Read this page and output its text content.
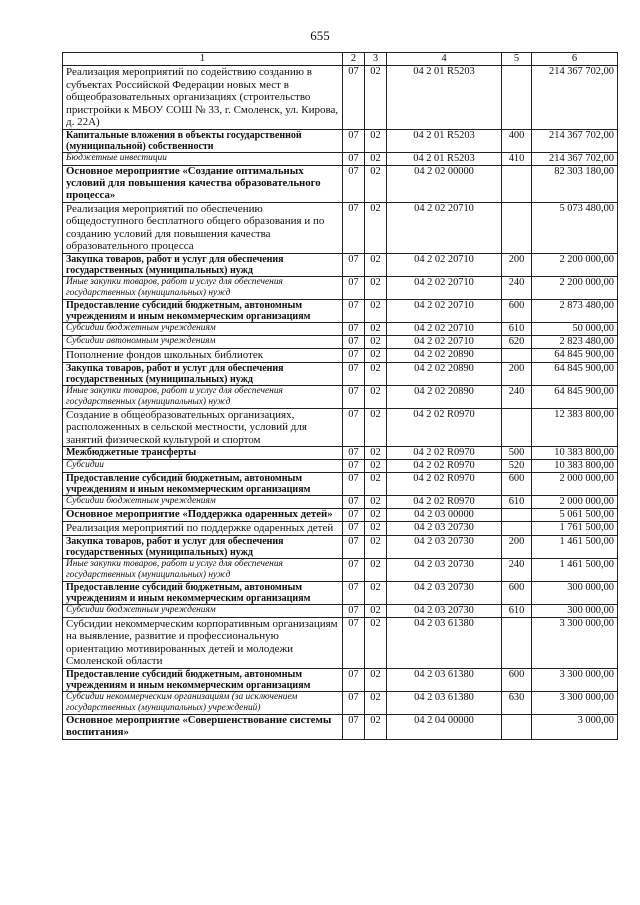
655
1	2	3	4	5	6
Реализация мероприятий по содействию созданию в субъектах Российской Федерации новых мест в общеобразовательных организациях (строительство пристройки к МБОУ СОШ № 33, г. Смоленск, ул. Кирова, д. 22А)	07	02	04 2 01 R5203		214 367 702,00
Капитальные вложения в объекты государственной (муниципальной) собственности	07	02	04 2 01 R5203	400	214 367 702,00
Бюджетные инвестиции	07	02	04 2 01 R5203	410	214 367 702,00
Основное мероприятие «Создание оптимальных условий для повышения качества образовательного процесса»	07	02	04 2 02 00000		82 303 180,00
Реализация мероприятий по обеспечению общедоступного бесплатного общего образования и по созданию условий для повышения качества образовательного процесса	07	02	04 2 02 20710		5 073 480,00
Закупка товаров, работ и услуг для обеспечения государственных (муниципальных) нужд	07	02	04 2 02 20710	200	2 200 000,00
Иные закупки товаров, работ и услуг для обеспечения государственных (муниципальных) нужд	07	02	04 2 02 20710	240	2 200 000,00
Предоставление субсидий бюджетным, автономным учреждениям и иным некоммерческим организациям	07	02	04 2 02 20710	600	2 873 480,00
Субсидии бюджетным учреждениям	07	02	04 2 02 20710	610	50 000,00
Субсидии автономным учреждениям	07	02	04 2 02 20710	620	2 823 480,00
Пополнение фондов школьных библиотек	07	02	04 2 02 20890		64 845 900,00
Закупка товаров, работ и услуг для обеспечения государственных (муниципальных) нужд	07	02	04 2 02 20890	200	64 845 900,00
Иные закупки товаров, работ и услуг для обеспечения государственных (муниципальных) нужд	07	02	04 2 02 20890	240	64 845 900,00
Создание в общеобразовательных организациях, расположенных в сельской местности, условий для занятий физической культурой и спортом	07	02	04 2 02 R0970		12 383 800,00
Межбюджетные трансферты	07	02	04 2 02 R0970	500	10 383 800,00
Субсидии	07	02	04 2 02 R0970	520	10 383 800,00
Предоставление субсидий бюджетным, автономным учреждениям и иным некоммерческим организациям	07	02	04 2 02 R0970	600	2 000 000,00
Субсидии бюджетным учреждениям	07	02	04 2 02 R0970	610	2 000 000,00
Основное мероприятие «Поддержка одаренных детей»	07	02	04 2 03 00000		5 061 500,00
Реализация мероприятий по поддержке одаренных детей	07	02	04 2 03 20730		1 761 500,00
Закупка товаров, работ и услуг для обеспечения государственных (муниципальных) нужд	07	02	04 2 03 20730	200	1 461 500,00
Иные закупки товаров, работ и услуг для обеспечения государственных (муниципальных) нужд	07	02	04 2 03 20730	240	1 461 500,00
Предоставление субсидий бюджетным, автономным учреждениям и иным некоммерческим организациям	07	02	04 2 03 20730	600	300 000,00
Субсидии бюджетным учреждениям	07	02	04 2 03 20730	610	300 000,00
Субсидии некоммерческим корпоративным организациям на выявление, развитие и профессиональную ориентацию мотивированных детей и молодежи Смоленской области	07	02	04 2 03 61380		3 300 000,00
Предоставление субсидий бюджетным, автономным учреждениям и иным некоммерческим организациям	07	02	04 2 03 61380	600	3 300 000,00
Субсидии некоммерческим организациям (за исключением государственных (муниципальных) учреждений)	07	02	04 2 03 61380	630	3 300 000,00
Основное мероприятие «Совершенствование системы воспитания»	07	02	04 2 04 00000		3 000,00
